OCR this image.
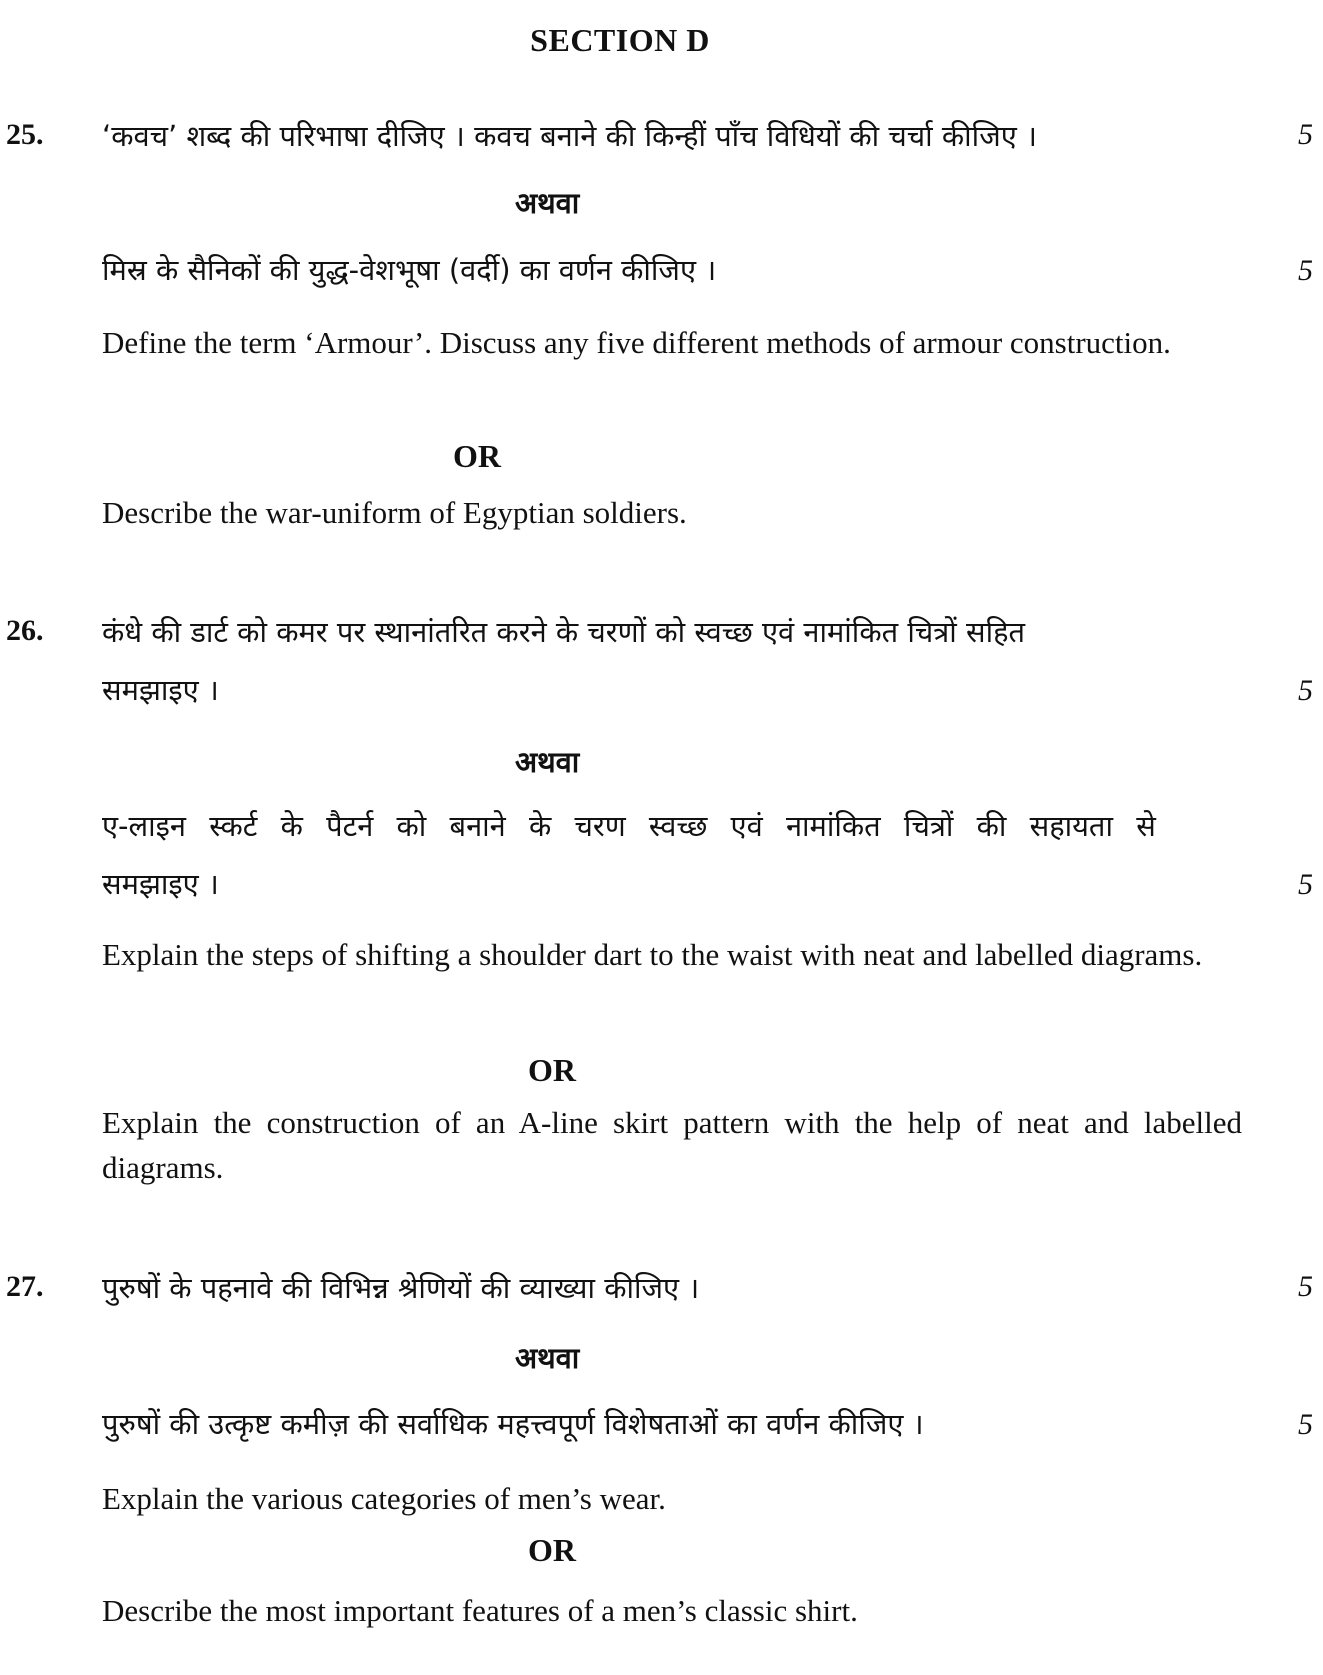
SECTION D
25. ‘कवच’ शब्द की परिभाषा दीजिए । कवच बनाने की किन्हीं पाँच विधियों की चर्चा कीजिए ।	5
अथवा
मिस्र के सैनिकों की युद्ध-वेशभूषा (वर्दी) का वर्णन कीजिए ।	5
Define the term ‘Armour’. Discuss any five different methods of armour construction.
OR
Describe the war-uniform of Egyptian soldiers.
26. कंधे की डार्ट को कमर पर स्थानांतरित करने के चरणों को स्वच्छ एवं नामांकित चित्रों सहित
समझाइए ।	5
अथवा
ए-लाइन स्कर्ट के पैटर्न को बनाने के चरण स्वच्छ एवं नामांकित चित्रों की सहायता से
समझाइए ।	5
Explain the steps of shifting a shoulder dart to the waist with neat and labelled diagrams.
OR
Explain the construction of an A-line skirt pattern with the help of neat and labelled diagrams.
27. पुरुषों के पहनावे की विभिन्न श्रेणियों की व्याख्या कीजिए ।	5
अथवा
पुरुषों की उत्कृष्ट कमीज़ की सर्वाधिक महत्त्वपूर्ण विशेषताओं का वर्णन कीजिए ।	5
Explain the various categories of men’s wear.
OR
Describe the most important features of a men’s classic shirt.
